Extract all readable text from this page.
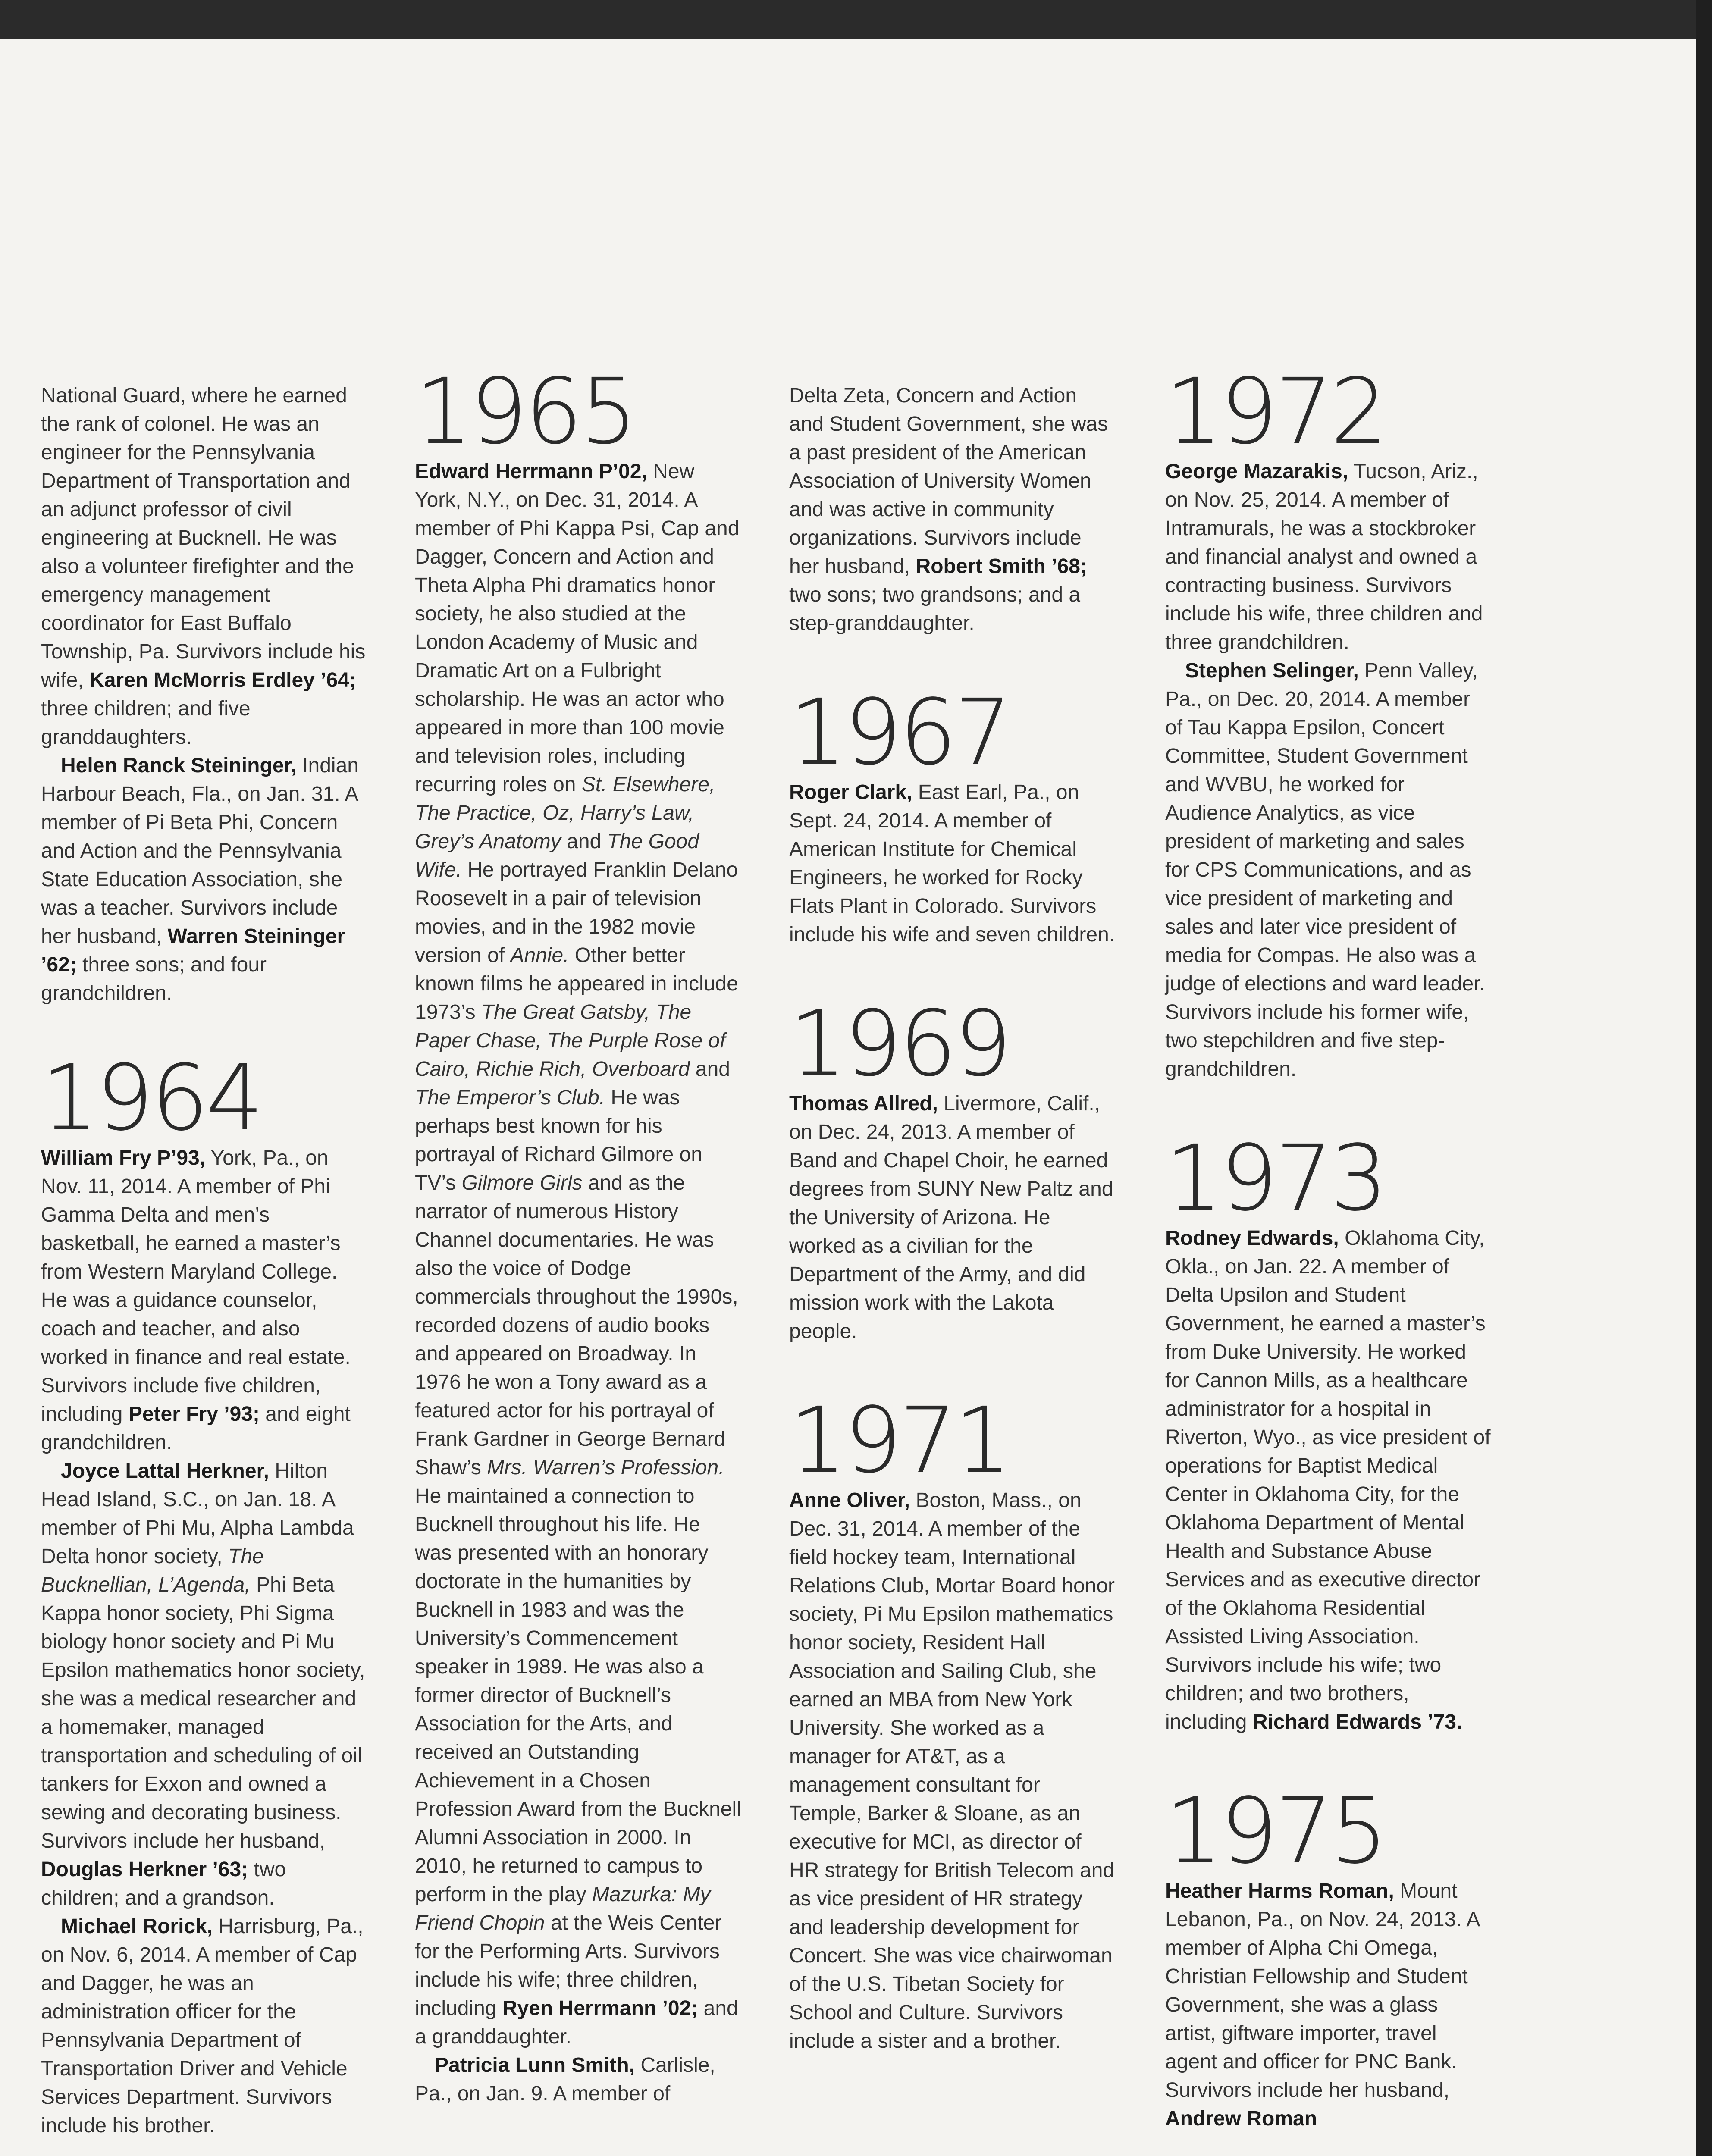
National Guard, where he earned the rank of colonel. He was an engineer for the Pennsylvania Department of Transportation and an adjunct professor of civil engineering at Bucknell. He was also a volunteer firefighter and the emergency management coordinator for East Buffalo Township, Pa. Survivors include his wife, Karen McMorris Erdley ’64; three children; and five granddaughters.

Helen Ranck Steininger, Indian Harbour Beach, Fla., on Jan. 31. A member of Pi Beta Phi, Concern and Action and the Pennsylvania State Education Association, she was a teacher. Survivors include her husband, Warren Steininger ’62; three sons; and four grandchildren.

1964

William Fry P’93, York, Pa., on Nov. 11, 2014. A member of Phi Gamma Delta and men’s basketball, he earned a master’s from Western Maryland College. He was a guidance counselor, coach and teacher, and also worked in finance and real estate. Survivors include five children, including Peter Fry ’93; and eight grandchildren.

Joyce Lattal Herkner, Hilton Head Island, S.C., on Jan. 18. A member of Phi Mu, Alpha Lambda Delta honor society, The Bucknellian, L’Agenda, Phi Beta Kappa honor society, Phi Sigma biology honor society and Pi Mu Epsilon mathematics honor society, she was a medical researcher and a homemaker, managed transportation and scheduling of oil tankers for Exxon and owned a sewing and decorating business. Survivors include her husband, Douglas Herkner ’63; two children; and a grandson.

Michael Rorick, Harrisburg, Pa., on Nov. 6, 2014. A member of Cap and Dagger, he was an administration officer for the Pennsylvania Department of Transportation Driver and Vehicle Services Department. Survivors include his brother.

1965

Edward Herrmann P’02, New York, N.Y., on Dec. 31, 2014. A member of Phi Kappa Psi, Cap and Dagger, Concern and Action and Theta Alpha Phi dramatics honor society, he also studied at the London Academy of Music and Dramatic Art on a Fulbright scholarship. He was an actor who appeared in more than 100 movie and television roles, including recurring roles on St. Elsewhere, The Practice, Oz, Harry’s Law, Grey’s Anatomy and The Good Wife. He portrayed Franklin Delano Roosevelt in a pair of television movies, and in the 1982 movie version of Annie. Other better known films he appeared in include 1973’s The Great Gatsby, The Paper Chase, The Purple Rose of Cairo, Richie Rich, Overboard and The Emperor’s Club. He was perhaps best known for his portrayal of Richard Gilmore on TV’s Gilmore Girls and as the narrator of numerous History Channel documentaries. He was also the voice of Dodge commercials throughout the 1990s, recorded dozens of audio books and appeared on Broadway. In 1976 he won a Tony award as a featured actor for his portrayal of Frank Gardner in George Bernard Shaw’s Mrs. Warren’s Profession. He maintained a connection to Bucknell throughout his life. He was presented with an honorary doctorate in the humanities by Bucknell in 1983 and was the University’s Commencement speaker in 1989. He was also a former director of Bucknell’s Association for the Arts, and received an Outstanding Achievement in a Chosen Profession Award from the Bucknell Alumni Association in 2000. In 2010, he returned to campus to perform in the play Mazurka: My Friend Chopin at the Weis Center for the Performing Arts. Survivors include his wife; three children, including Ryen Herrmann ’02; and a granddaughter.

Patricia Lunn Smith, Carlisle, Pa., on Jan. 9. A member of

Delta Zeta, Concern and Action and Student Government, she was a past president of the American Association of University Women and was active in community organizations. Survivors include her husband, Robert Smith ’68; two sons; two grandsons; and a step-granddaughter.

1967

Roger Clark, East Earl, Pa., on Sept. 24, 2014. A member of American Institute for Chemical Engineers, he worked for Rocky Flats Plant in Colorado. Survivors include his wife and seven children.

1969

Thomas Allred, Livermore, Calif., on Dec. 24, 2013. A member of Band and Chapel Choir, he earned degrees from SUNY New Paltz and the University of Arizona. He worked as a civilian for the Department of the Army, and did mission work with the Lakota people.

1971

Anne Oliver, Boston, Mass., on Dec. 31, 2014. A member of the field hockey team, International Relations Club, Mortar Board honor society, Pi Mu Epsilon mathematics honor society, Resident Hall Association and Sailing Club, she earned an MBA from New York University. She worked as a manager for AT&T, as a management consultant for Temple, Barker & Sloane, as an executive for MCI, as director of HR strategy for British Telecom and as vice president of HR strategy and leadership development for Concert. She was vice chairwoman of the U.S. Tibetan Society for School and Culture. Survivors include a sister and a brother.

1972

George Mazarakis, Tucson, Ariz., on Nov. 25, 2014. A member of Intramurals, he was a stockbroker and financial analyst and owned a contracting business. Survivors include his wife, three children and three grandchildren.

Stephen Selinger, Penn Valley, Pa., on Dec. 20, 2014. A member of Tau Kappa Epsilon, Concert Committee, Student Government and WVBU, he worked for Audience Analytics, as vice president of marketing and sales for CPS Communications, and as vice president of marketing and sales and later vice president of media for Compas. He also was a judge of elections and ward leader. Survivors include his former wife, two stepchildren and five step-grandchildren.

1973

Rodney Edwards, Oklahoma City, Okla., on Jan. 22. A member of Delta Upsilon and Student Government, he earned a master’s from Duke University. He worked for Cannon Mills, as a healthcare administrator for a hospital in Riverton, Wyo., as vice president of operations for Baptist Medical Center in Oklahoma City, for the Oklahoma Department of Mental Health and Substance Abuse Services and as executive director of the Oklahoma Residential Assisted Living Association. Survivors include his wife; two children; and two brothers, including Richard Edwards ’73.

1975

Heather Harms Roman, Mount Lebanon, Pa., on Nov. 24, 2013. A member of Alpha Chi Omega, Christian Fellowship and Student Government, she was a glass artist, giftware importer, travel agent and officer for PNC Bank. Survivors include her husband, Andrew Roman
